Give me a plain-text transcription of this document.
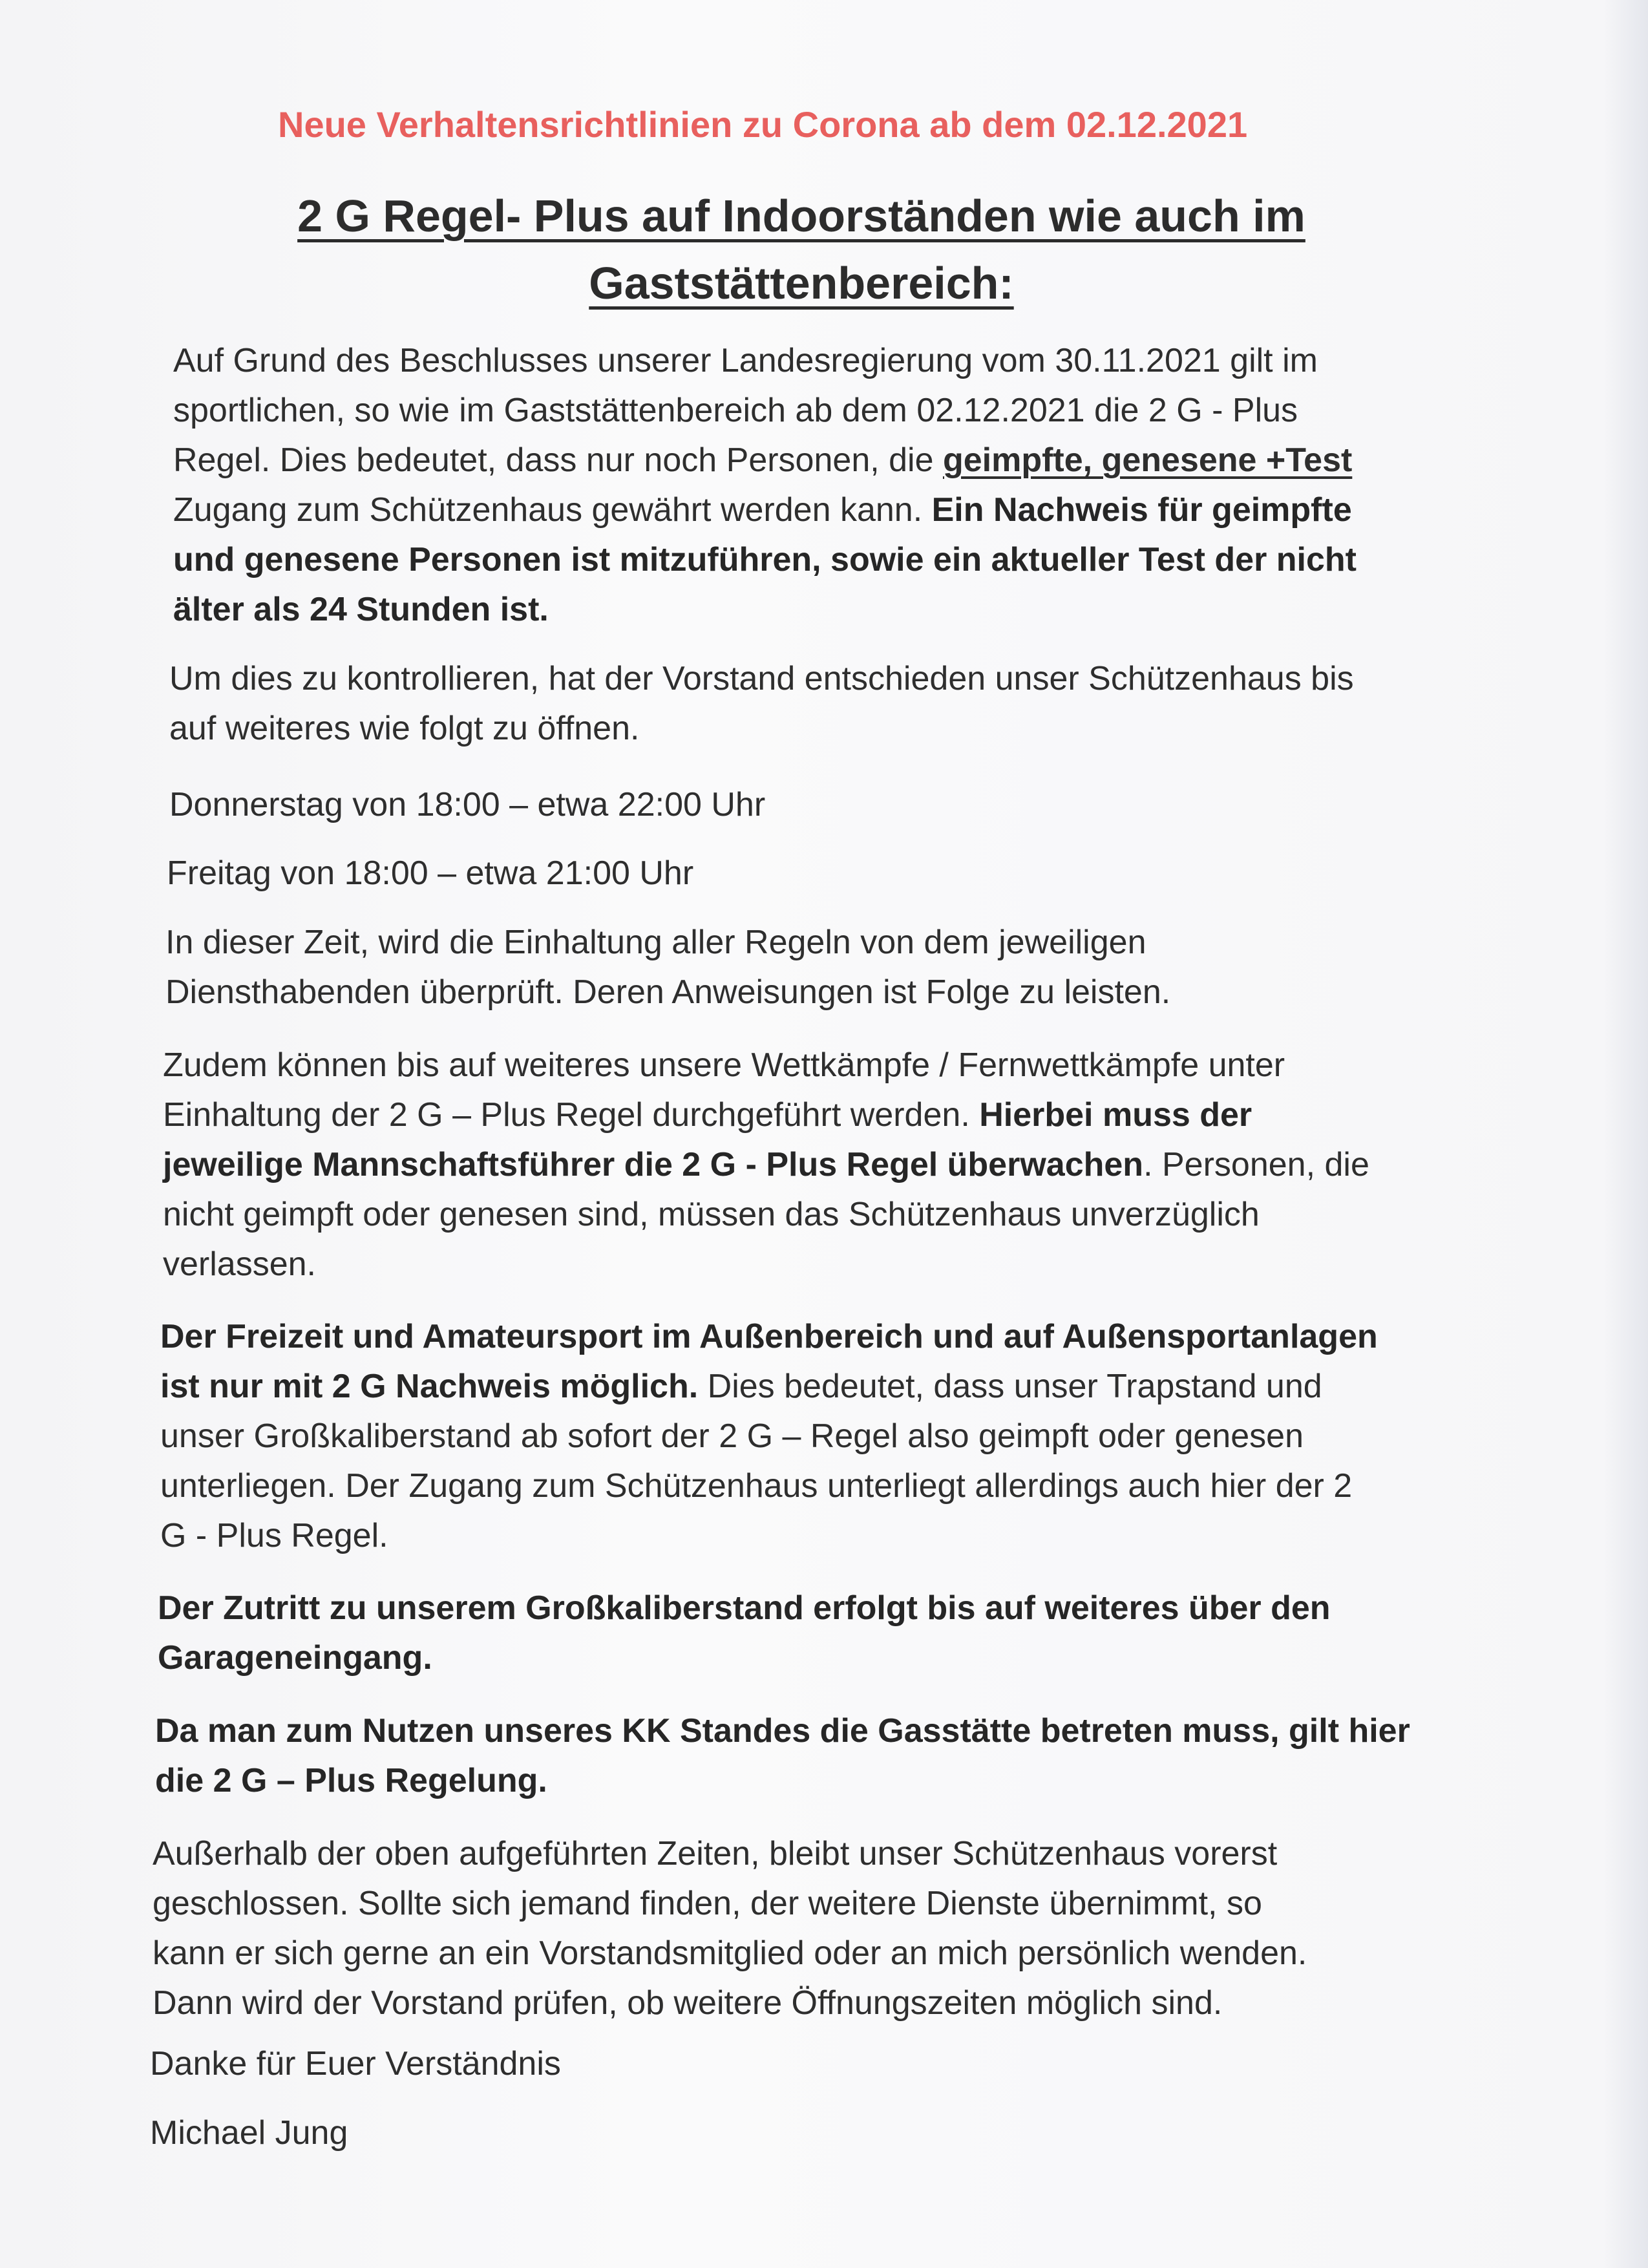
Neue Verhaltensrichtlinien zu Corona ab dem 02.12.2021
2 G Regel- Plus auf Indoorständen wie auch im
Gaststättenbereich:
Auf Grund des Beschlusses unserer Landesregierung vom 30.11.2021 gilt im
sportlichen, so wie im Gaststättenbereich ab dem 02.12.2021 die 2 G - Plus
Regel. Dies bedeutet, dass nur noch Personen, die geimpfte, genesene +Test
Zugang zum Schützenhaus gewährt werden kann. Ein Nachweis für geimpfte
und genesene Personen ist mitzuführen, sowie ein aktueller Test der nicht
älter als 24 Stunden ist.
Um dies zu kontrollieren, hat der Vorstand entschieden unser Schützenhaus bis
auf weiteres wie folgt zu öffnen.
Donnerstag von 18:00 – etwa 22:00 Uhr
Freitag von 18:00 – etwa 21:00 Uhr
In dieser Zeit, wird die Einhaltung aller Regeln von dem jeweiligen
Diensthabenden überprüft. Deren Anweisungen ist Folge zu leisten.
Zudem können bis auf weiteres unsere Wettkämpfe / Fernwettkämpfe unter
Einhaltung der 2 G – Plus Regel durchgeführt werden. Hierbei muss der
jeweilige Mannschaftsführer die 2 G - Plus Regel überwachen. Personen, die
nicht geimpft oder genesen sind, müssen das Schützenhaus unverzüglich
verlassen.
Der Freizeit und Amateursport im Außenbereich und auf Außensportanlagen
ist nur mit 2 G Nachweis möglich. Dies bedeutet, dass unser Trapstand und
unser Großkaliberstand ab sofort der 2 G – Regel also geimpft oder genesen
unterliegen. Der Zugang zum Schützenhaus unterliegt allerdings auch hier der 2
G - Plus Regel.
Der Zutritt zu unserem Großkaliberstand erfolgt bis auf weiteres über den
Garageneingang.
Da man zum Nutzen unseres KK Standes die Gasstätte betreten muss, gilt hier
die 2 G – Plus Regelung.
Außerhalb der oben aufgeführten Zeiten, bleibt unser Schützenhaus vorerst
geschlossen. Sollte sich jemand finden, der weitere Dienste übernimmt, so
kann er sich gerne an ein Vorstandsmitglied oder an mich persönlich wenden.
Dann wird der Vorstand prüfen, ob weitere Öffnungszeiten möglich sind.
Danke für Euer Verständnis
Michael Jung
